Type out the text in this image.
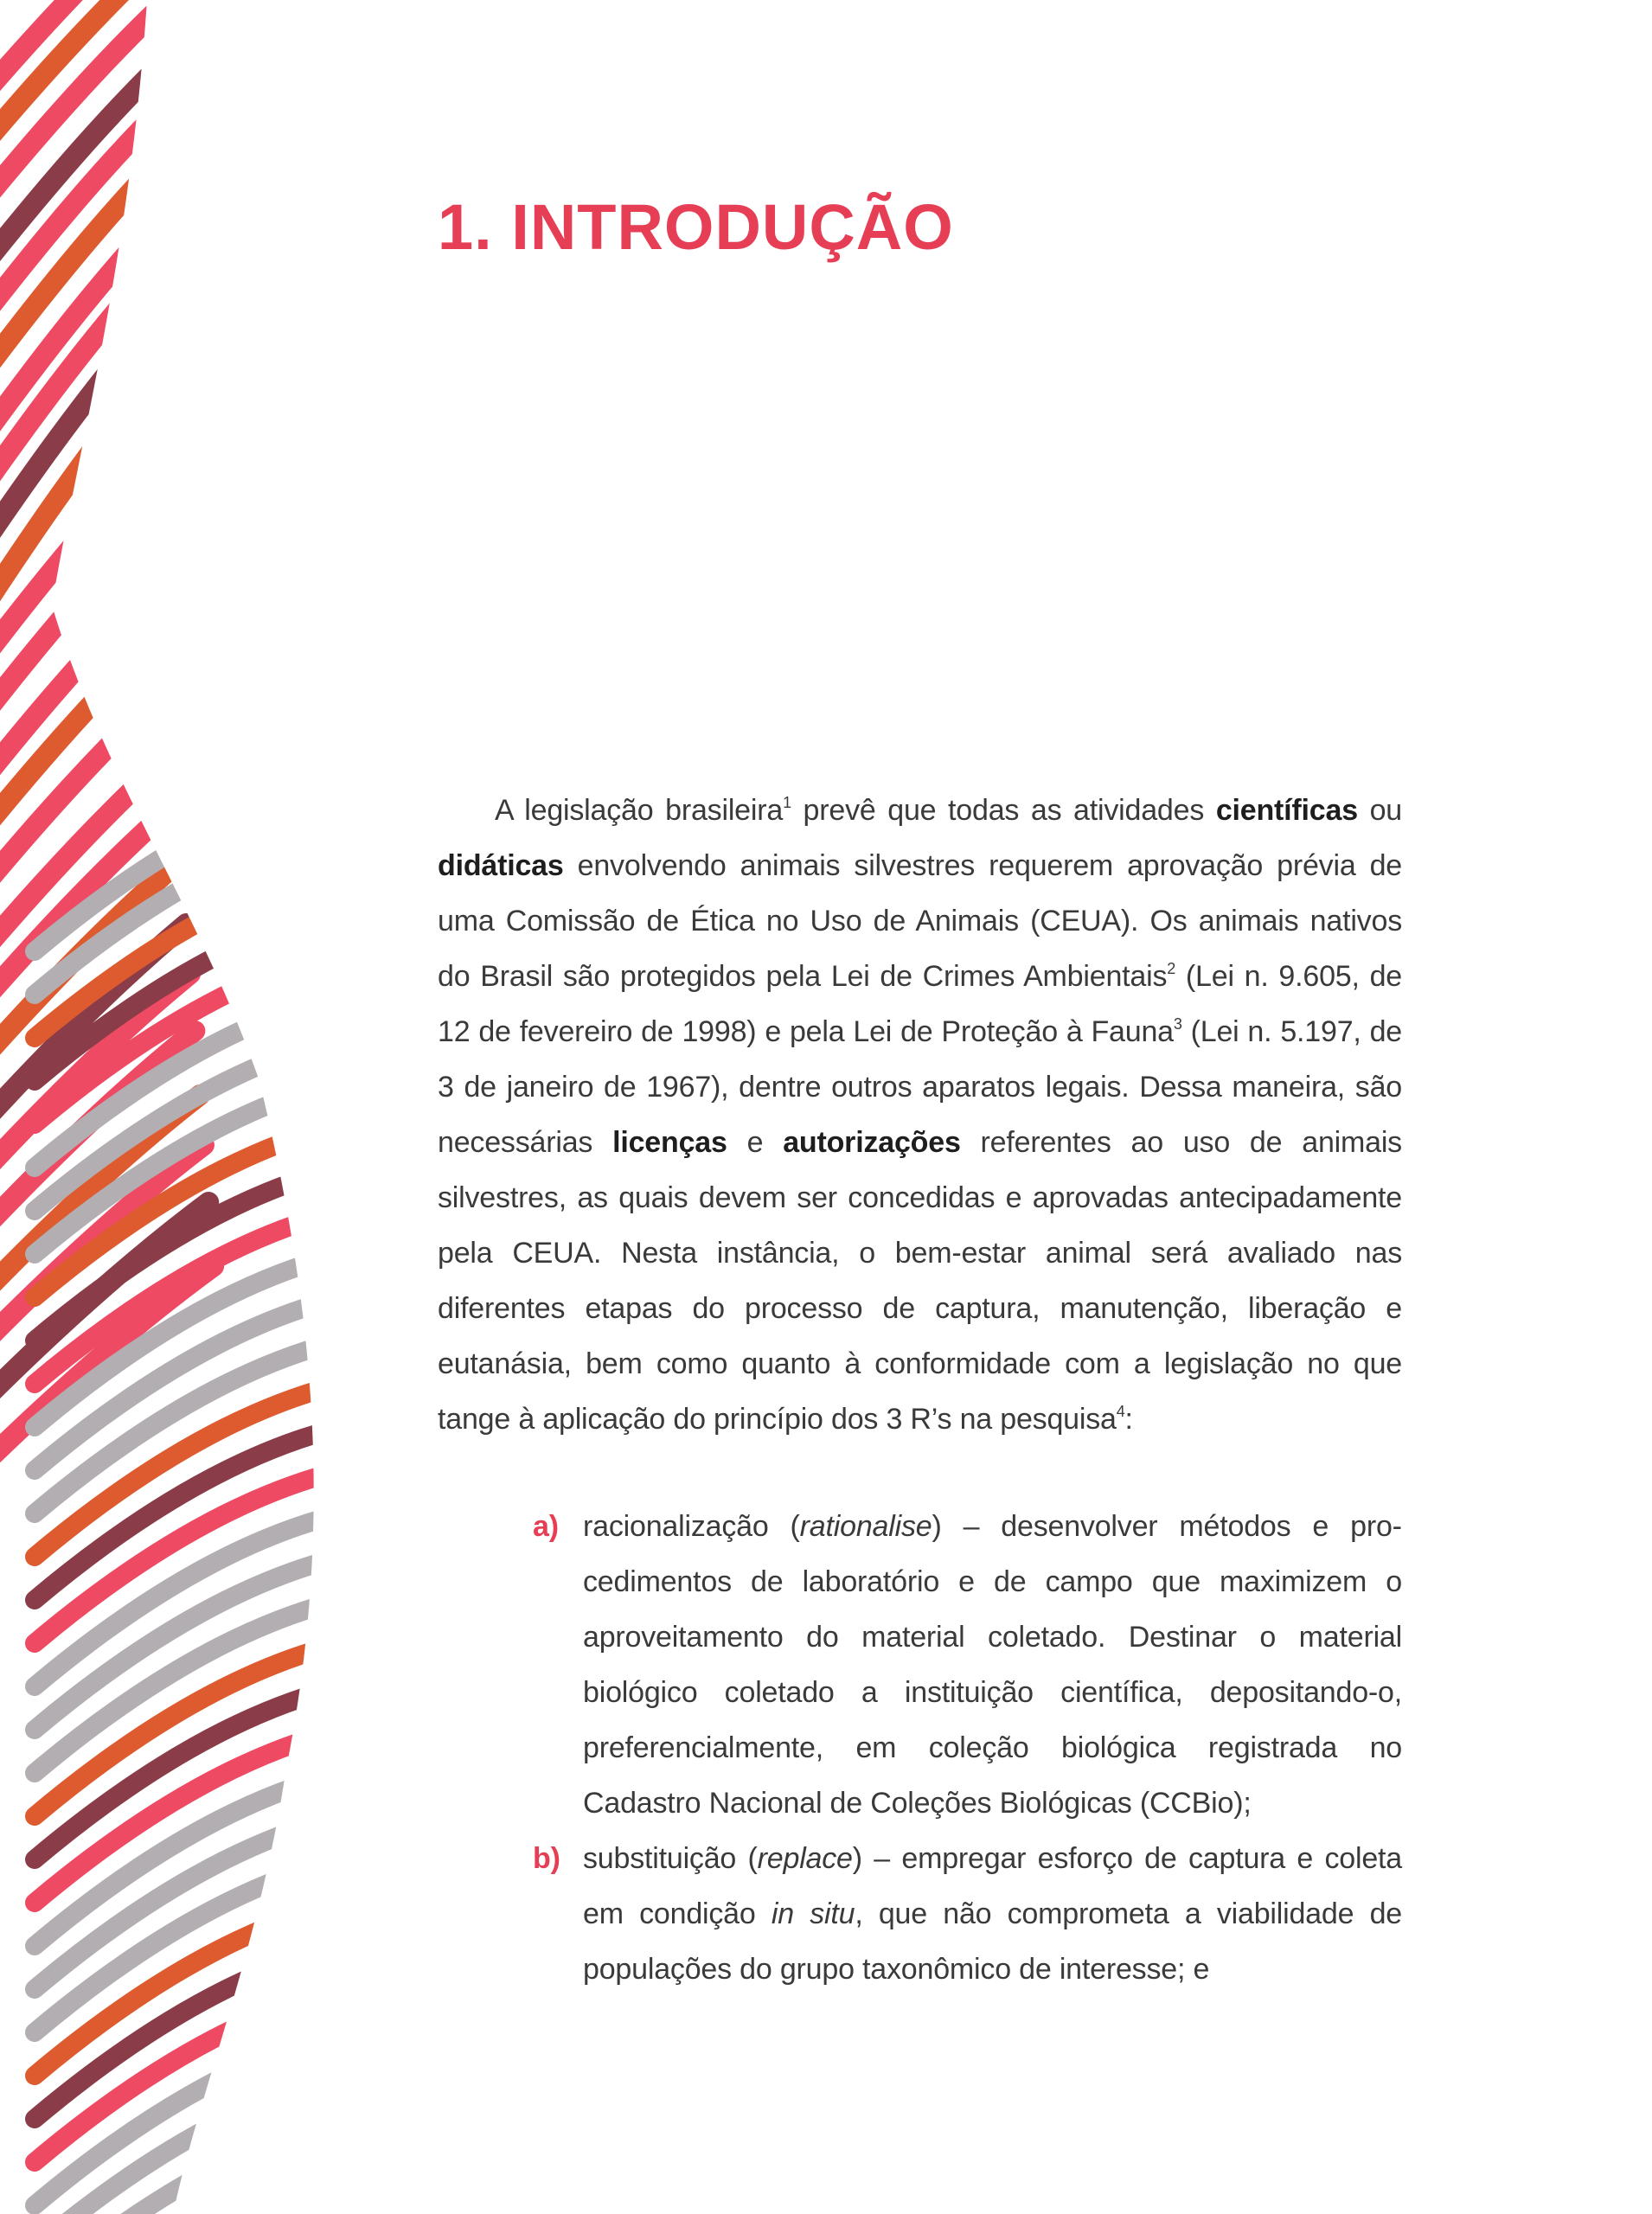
1. INTRODUÇÃO

A legislação brasileira$^1$ prevê que todas as atividades científicas ou didáticas envolvendo animais silvestres requerem aprovação prévia de uma Comissão de Ética no Uso de Animais (CEUA). Os animais nativos do Brasil são protegidos pela Lei de Crimes Ambientais$^2$ (Lei n. 9.605, de 12 de fevereiro de 1998) e pela Lei de Proteção à Fauna$^3$ (Lei n. 5.197, de 3 de janeiro de 1967), dentre outros aparatos legais. Dessa maneira, são necessárias licenças e autorizações referentes ao uso de animais silvestres, as quais devem ser concedidas e aprovadas antecipadamente pela CEUA. Nesta instância, o bem-estar animal será avaliado nas diferentes etapas do processo de captura, manutenção, liberação e eutanásia, bem como quanto à conformidade com a legislação no que tange à aplicação do princípio dos 3 R’s na pesquisa$^4$:

a) racionalização (rationalise) – desenvolver métodos e procedimentos de laboratório e de campo que maximizem o aproveitamento do material coletado. Destinar o material biológico coletado a instituição científica, depositando-o, preferencialmente, em coleção biológica registrada no Cadastro Nacional de Coleções Biológicas (CCBio);
b) substituição (replace) – empregar esforço de captura e coleta em condição in situ, que não comprometa a viabilidade de populações do grupo taxonômico de interesse; e
